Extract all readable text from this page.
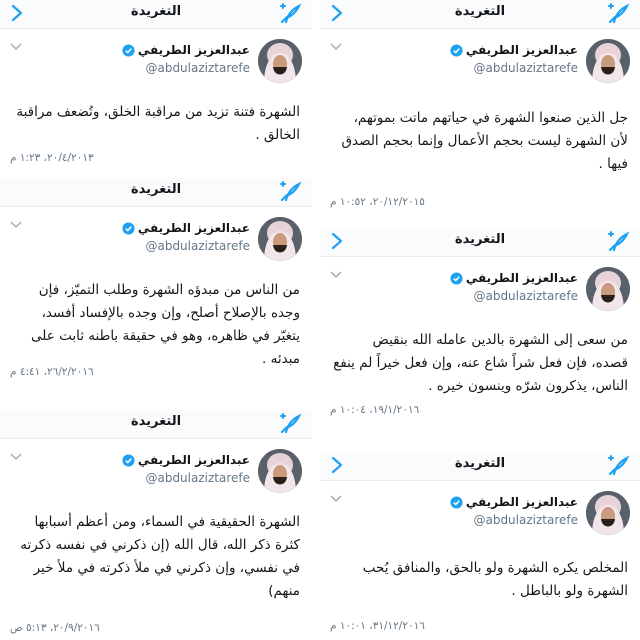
التغريدة
عبدالعزيز الطريفي
@abdulaziztarefe
الشهرة فتنة تزيد من مراقبة الخلق، وتُضعف مراقبة الخالق .
٢٠/٤/٢٠١٣، ١:٢٣ م
التغريدة
عبدالعزيز الطريفي
@abdulaziztarefe
من الناس من مبدؤه الشهرة وطلب التميّز، فإن وجده بالإصلاح أصلح، وإن وجده بالإفساد أفسد، يتغيّر في ظاهره، وهو في حقيقة باطنه ثابت على مبدئه .
٢٦/٢/٢٠١٦، ٤:٤١ م
التغريدة
عبدالعزيز الطريفي
@abdulaziztarefe
الشهرة الحقيقية في السماء، ومن أعظم أسبابها كثرة ذكر الله، قال الله (إن ذكرني في نفسه ذكرته في نفسي، وإن ذكرني في ملأ ذكرته في ملأ خير منهم)
٢٠/٩/٢٠١٦، ٥:١٣ ص
التغريدة
عبدالعزيز الطريفي
@abdulaziztarefe
جل الذين صنعوا الشهرة في حياتهم ماتت بموتهم، لأن الشهرة ليست بحجم الأعمال وإنما بحجم الصدق فيها .
٢٠/١٢/٢٠١٥، ١٠:٥٢ م
التغريدة
عبدالعزيز الطريفي
@abdulaziztarefe
من سعى إلى الشهرة بالدين عامله الله بنقيض قصده، فإن فعل شراً شاع عنه، وإن فعل خيراً لم ينفع الناس، يذكرون شرّه وينسون خيره .
١٩/١/٢٠١٦، ١٠:٠٤ م
التغريدة
عبدالعزيز الطريفي
@abdulaziztarefe
المخلص يكره الشهرة ولو بالحق، والمنافق يُحب الشهرة ولو بالباطل .
٣١/١٢/٢٠١٦، ١٠:٠١ م
